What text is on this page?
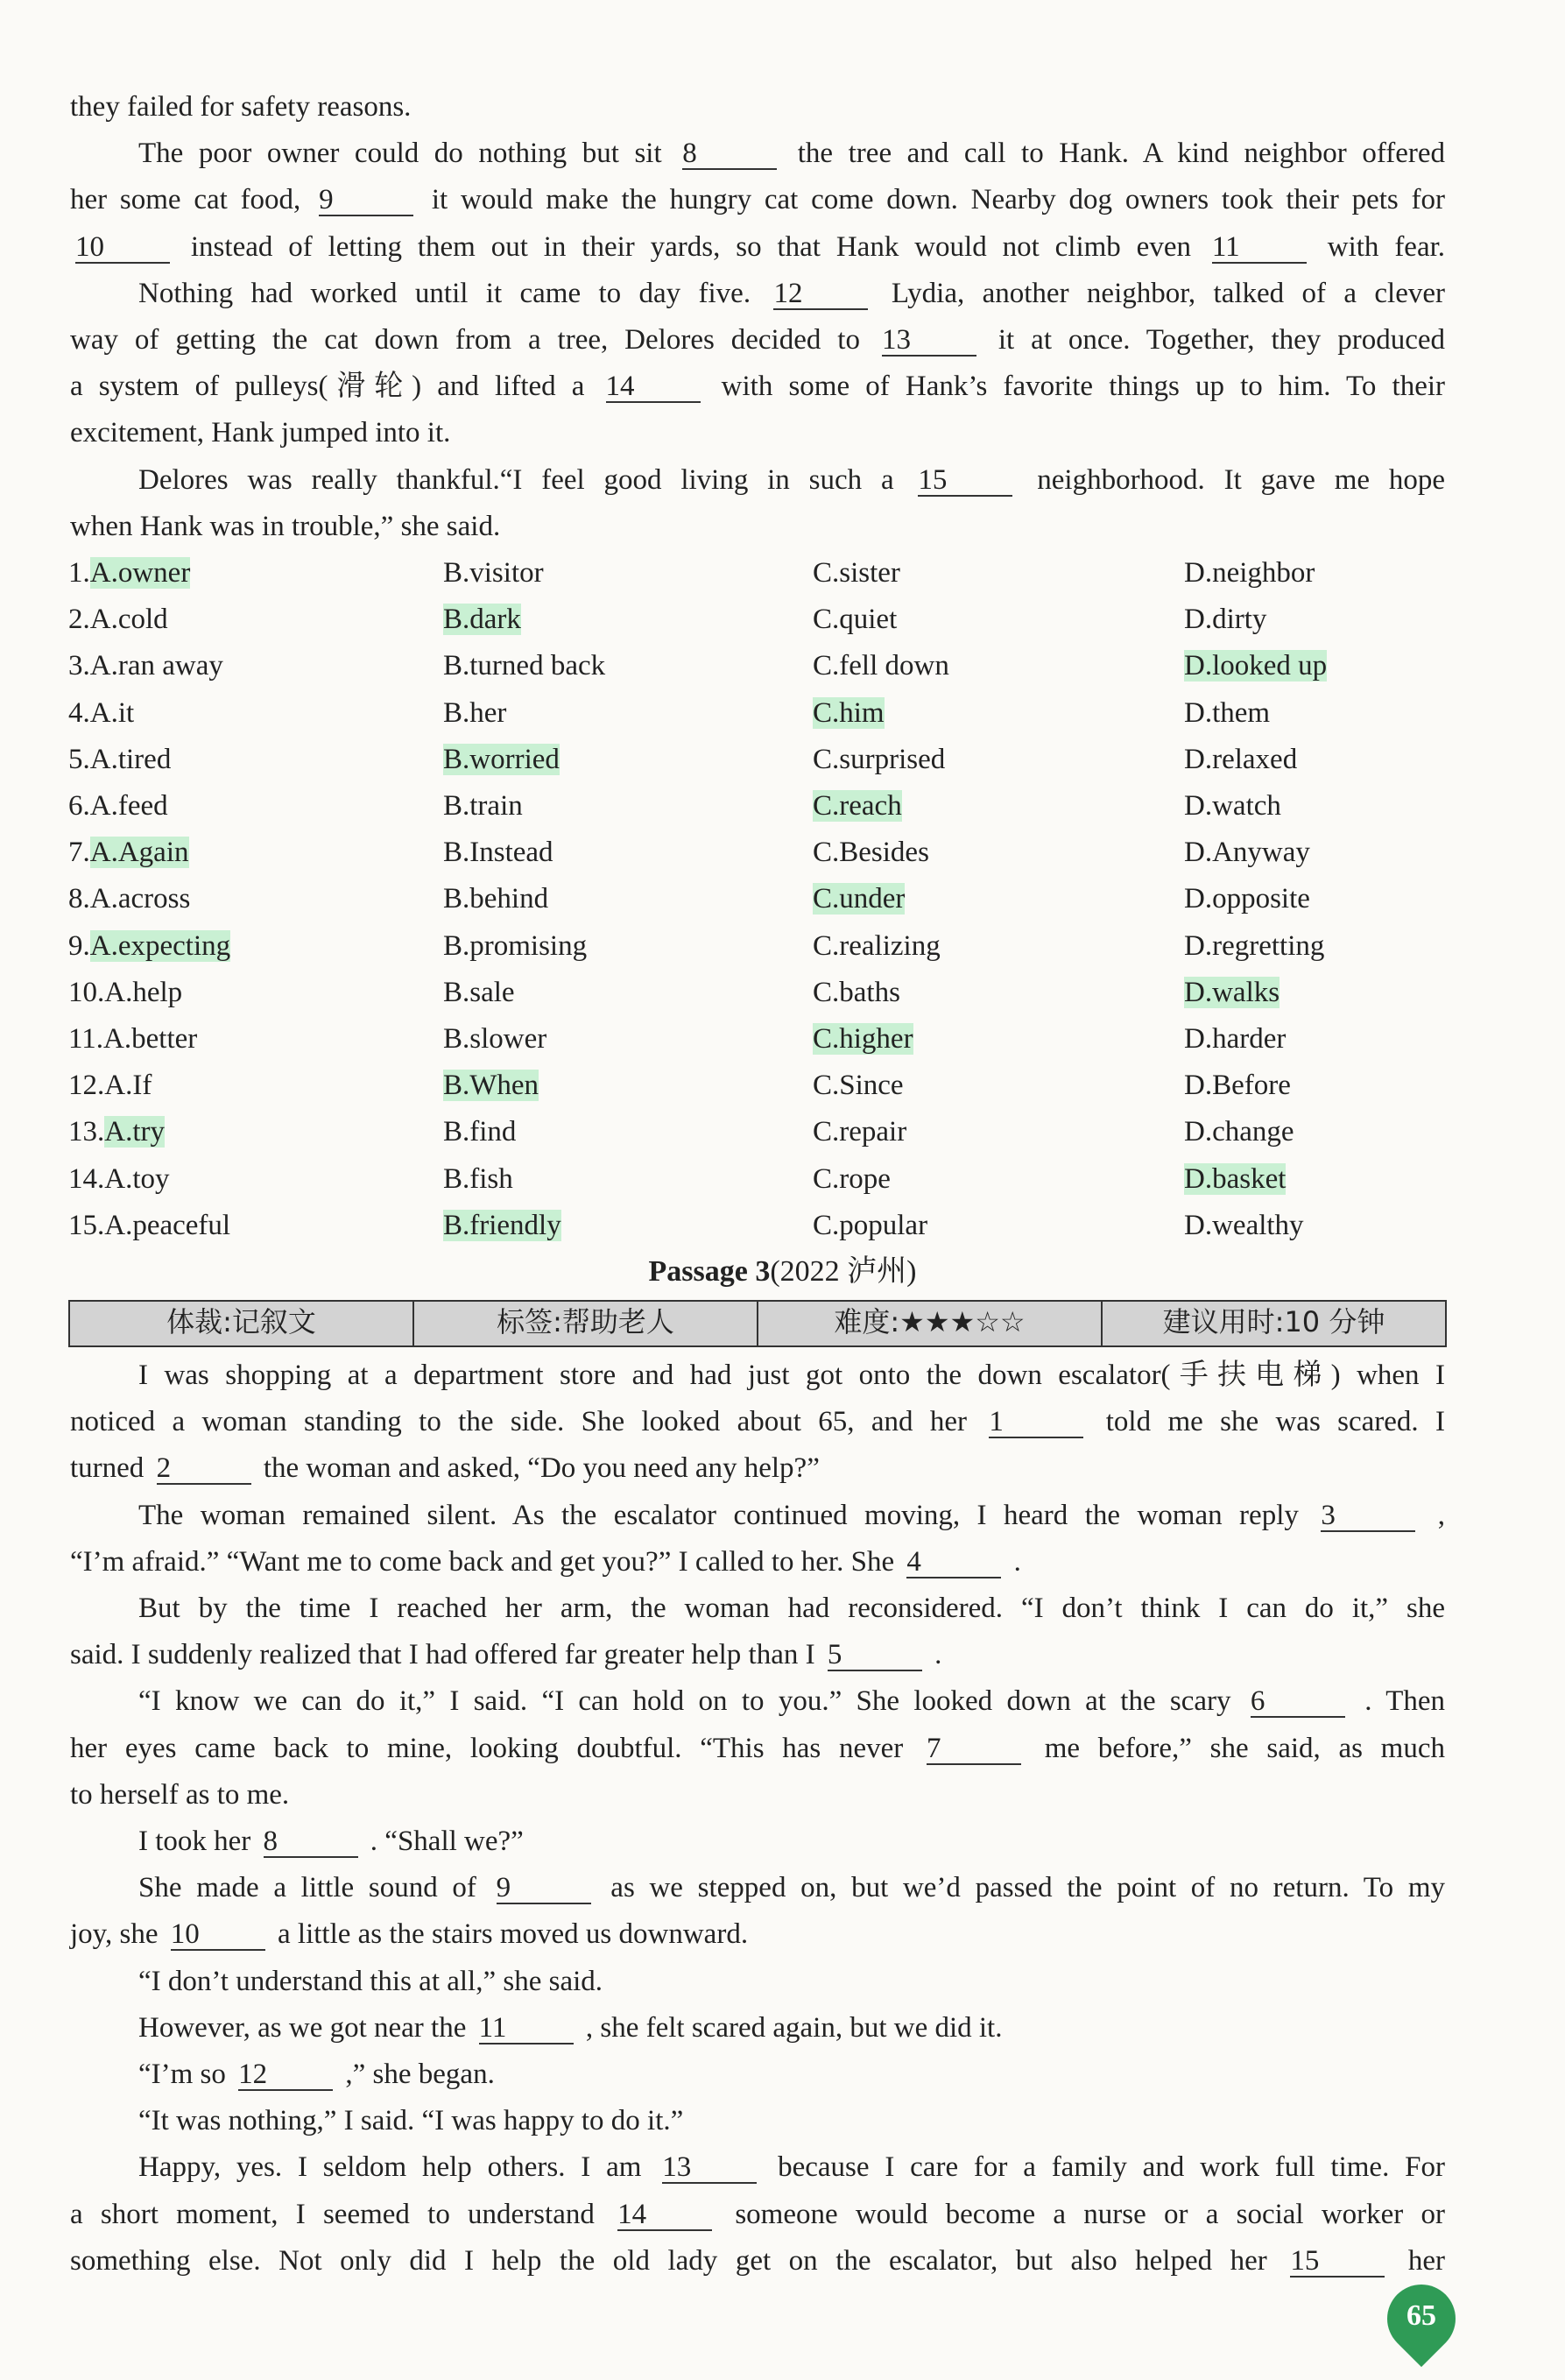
they failed for safety reasons.
The poor owner could do nothing but sit 8	the tree and call to Hank. A kind neighbor offered
her some cat food, 9	it would make the hungry cat come down. Nearby dog owners took their pets for
10	instead of letting them out in their yards, so that Hank would not climb even 11	with fear.
Nothing had worked until it came to day five. 12	Lydia, another neighbor, talked of a clever
way of getting the cat down from a tree, Delores decided to 13	it at once. Together, they produced
a system of pulleys(滑轮) and lifted a 14	with some of Hank’s favorite things up to him. To their
excitement, Hank jumped into it.
Delores was really thankful.“I feel good living in such a 15	neighborhood. It gave me hope
when Hank was in trouble,” she said.
1.A.owner	B.visitor	C.sister	D.neighbor
2.A.cold	B.dark	C.quiet	D.dirty
3.A.ran away	B.turned back	C.fell down	D.looked up
4.A.it	B.her	C.him	D.them
5.A.tired	B.worried	C.surprised	D.relaxed
6.A.feed	B.train	C.reach	D.watch
7.A.Again	B.Instead	C.Besides	D.Anyway
8.A.across	B.behind	C.under	D.opposite
9.A.expecting	B.promising	C.realizing	D.regretting
10.A.help	B.sale	C.baths	D.walks
11.A.better	B.slower	C.higher	D.harder
12.A.If	B.When	C.Since	D.Before
13.A.try	B.find	C.repair	D.change
14.A.toy	B.fish	C.rope	D.basket
15.A.peaceful	B.friendly	C.popular	D.wealthy
Passage 3(2022 泸州)
体裁:记叙文	标签:帮助老人	难度:★★★☆☆	建议用时:10 分钟
I was shopping at a department store and had just got onto the down escalator(手扶电梯) when I
noticed a woman standing to the side. She looked about 65, and her 1	told me she was scared. I
turned 2	the woman and asked, “Do you need any help?”
The woman remained silent. As the escalator continued moving, I heard the woman reply 3	,
“I’m afraid.” “Want me to come back and get you?” I called to her. She 4	.
But by the time I reached her arm, the woman had reconsidered. “I don’t think I can do it,” she
said. I suddenly realized that I had offered far greater help than I 5	.
“I know we can do it,” I said. “I can hold on to you.” She looked down at the scary 6	. Then
her eyes came back to mine, looking doubtful. “This has never 7	me before,” she said, as much
to herself as to me.
I took her 8	. “Shall we?”
She made a little sound of 9	as we stepped on, but we’d passed the point of no return. To my
joy, she 10	a little as the stairs moved us downward.
“I don’t understand this at all,” she said.
However, as we got near the 11	, she felt scared again, but we did it.
“I’m so 12	,” she began.
“It was nothing,” I said. “I was happy to do it.”
Happy, yes. I seldom help others. I am 13	because I care for a family and work full time. For
a short moment, I seemed to understand 14	someone would become a nurse or a social worker or
something else. Not only did I help the old lady get on the escalator, but also helped her 15	her
65
